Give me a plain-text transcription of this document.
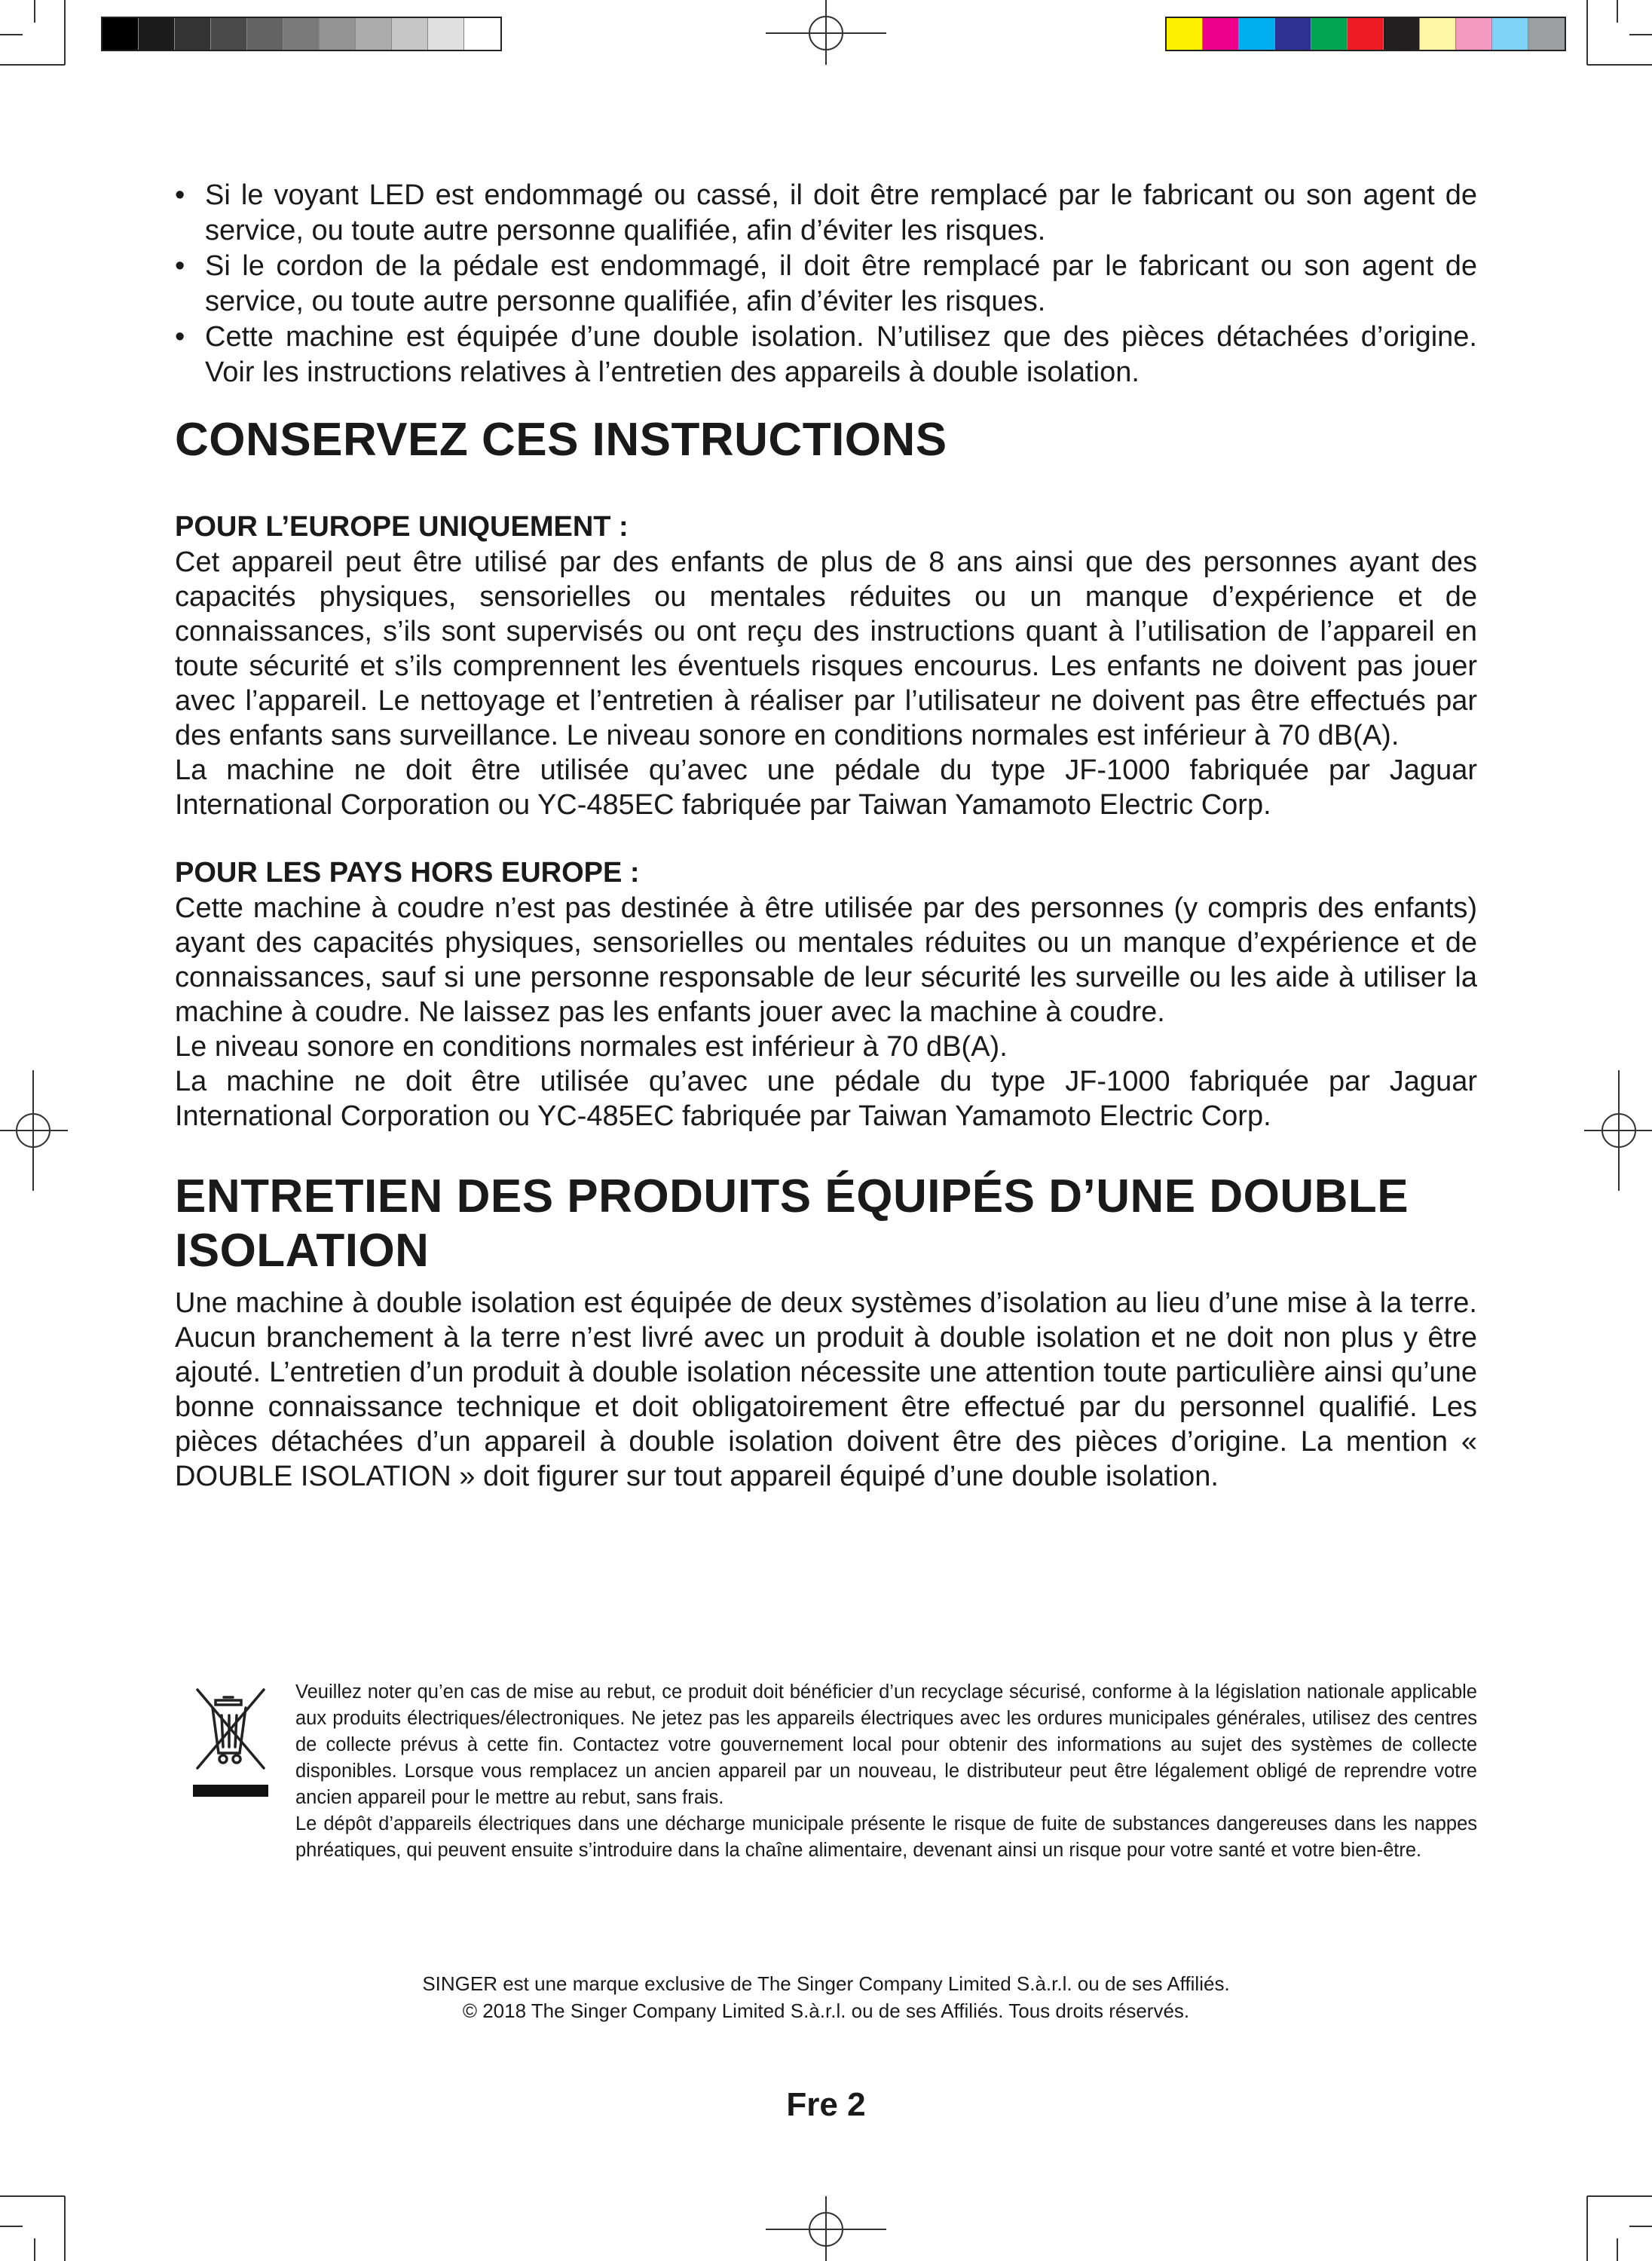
• Si le voyant LED est endommagé ou cassé, il doit être remplacé par le fabricant ou son agent de service, ou toute autre personne qualifiée, afin d’éviter les risques.
• Si le cordon de la pédale est endommagé, il doit être remplacé par le fabricant ou son agent de service, ou toute autre personne qualifiée, afin d’éviter les risques.
• Cette machine est équipée d’une double isolation. N’utilisez que des pièces détachées d’origine. Voir les instructions relatives à l’entretien des appareils à double isolation.
CONSERVEZ CES INSTRUCTIONS
POUR L’EUROPE UNIQUEMENT :

Cet appareil peut être utilisé par des enfants de plus de 8 ans ainsi que des personnes ayant des capacités physiques, sensorielles ou mentales réduites ou un manque d’expérience et de connaissances, s’ils sont supervisés ou ont reçu des instructions quant à l’utilisation de l’appareil en toute sécurité et s’ils comprennent les éventuels risques encourus. Les enfants ne doivent pas jouer avec l’appareil. Le nettoyage et l’entretien à réaliser par l’utilisateur ne doivent pas être effectués par des enfants sans surveillance. Le niveau sonore en conditions normales est inférieur à 70 dB(A).

La machine ne doit être utilisée qu’avec une pédale du type JF-1000 fabriquée par Jaguar International Corporation ou YC-485EC fabriquée par Taiwan Yamamoto Electric Corp.

POUR LES PAYS HORS EUROPE :

Cette machine à coudre n’est pas destinée à être utilisée par des personnes (y compris des enfants) ayant des capacités physiques, sensorielles ou mentales réduites ou un manque d’expérience et de connaissances, sauf si une personne responsable de leur sécurité les surveille ou les aide à utiliser la machine à coudre. Ne laissez pas les enfants jouer avec la machine à coudre.

Le niveau sonore en conditions normales est inférieur à 70 dB(A).

La machine ne doit être utilisée qu’avec une pédale du type JF-1000 fabriquée par Jaguar International Corporation ou YC-485EC fabriquée par Taiwan Yamamoto Electric Corp.

ENTRETIEN DES PRODUITS ÉQUIPÉS D’UNE DOUBLE ISOLATION

Une machine à double isolation est équipée de deux systèmes d’isolation au lieu d’une mise à la terre. Aucun branchement à la terre n’est livré avec un produit à double isolation et ne doit non plus y être ajouté. L’entretien d’un produit à double isolation nécessite une attention toute particulière ainsi qu’une bonne connaissance technique et doit obligatoirement être effectué par du personnel qualifié. Les pièces détachées d’un appareil à double isolation doivent être des pièces d’origine. La mention « DOUBLE ISOLATION » doit figurer sur tout appareil équipé d’une double isolation.

Veuillez noter qu’en cas de mise au rebut, ce produit doit bénéficier d’un recyclage sécurisé, conforme à la législation nationale applicable aux produits électriques/électroniques. Ne jetez pas les appareils électriques avec les ordures municipales générales, utilisez des centres de collecte prévus à cette fin. Contactez votre gouvernement local pour obtenir des informations au sujet des systèmes de collecte disponibles. Lorsque vous remplacez un ancien appareil par un nouveau, le distributeur peut être légalement obligé de reprendre votre ancien appareil pour le mettre au rebut, sans frais.

Le dépôt d’appareils électriques dans une décharge municipale présente le risque de fuite de substances dangereuses dans les nappes phréatiques, qui peuvent ensuite s’introduire dans la chaîne alimentaire, devenant ainsi un risque pour votre santé et votre bien-être.

SINGER est une marque exclusive de The Singer Company Limited S.à.r.l. ou de ses Affiliés.
© 2018 The Singer Company Limited S.à.r.l. ou de ses Affiliés. Tous droits réservés.
Fre 2
